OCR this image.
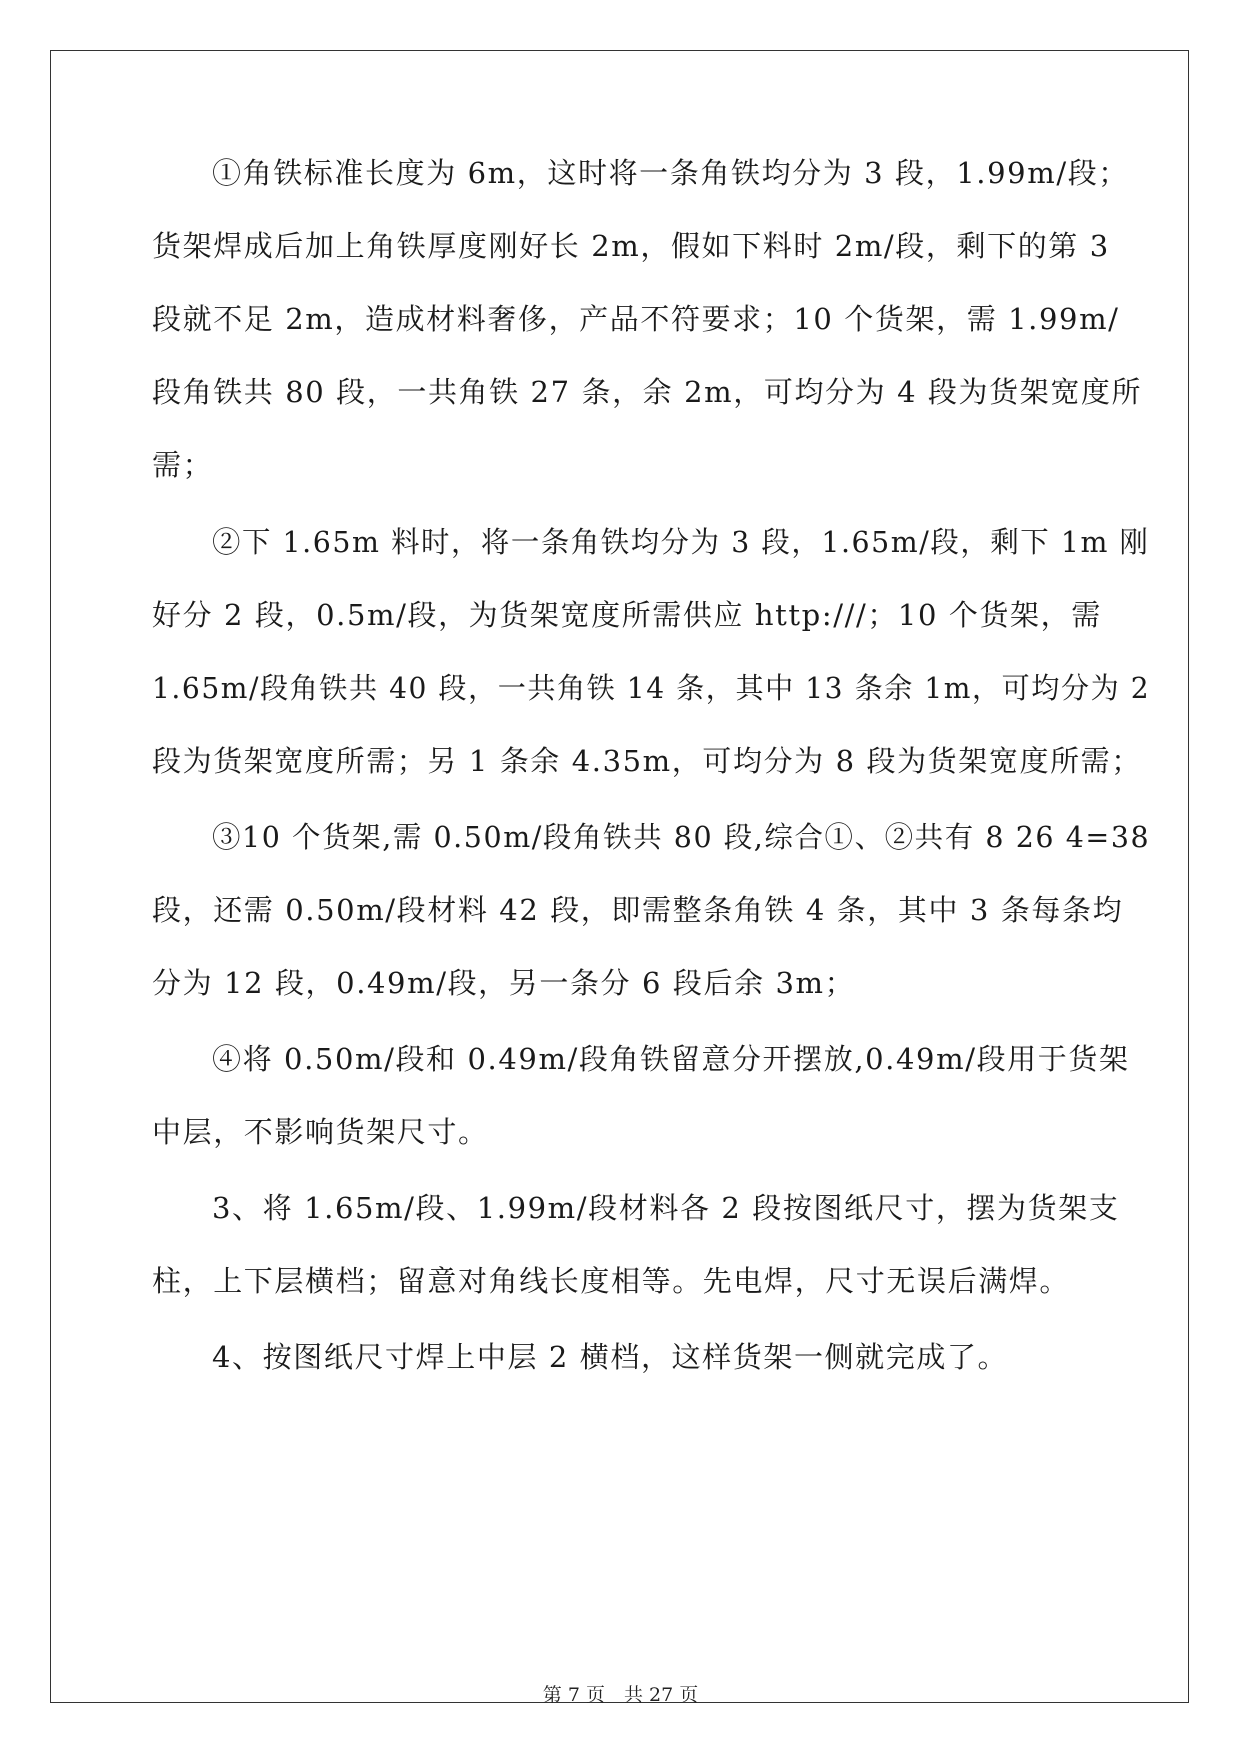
①角铁标准长度为 6m，这时将一条角铁均分为 3 段，1.99m/段；
货架焊成后加上角铁厚度刚好长 2m，假如下料时 2m/段，剩下的第 3
段就不足 2m，造成材料奢侈，产品不符要求；10 个货架，需 1.99m/
段角铁共 80 段，一共角铁 27 条，余 2m，可均分为 4 段为货架宽度所
需；
②下 1.65m 料时，将一条角铁均分为 3 段，1.65m/段，剩下 1m 刚
好分 2 段，0.5m/段，为货架宽度所需供应 http:///；10 个货架，需
1.65m/段角铁共 40 段，一共角铁 14 条，其中 13 条余 1m，可均分为 2
段为货架宽度所需；另 1 条余 4.35m，可均分为 8 段为货架宽度所需；
③10 个货架,需 0.50m/段角铁共 80 段,综合①、②共有 8 26 4=38
段，还需 0.50m/段材料 42 段，即需整条角铁 4 条，其中 3 条每条均
分为 12 段，0.49m/段，另一条分 6 段后余 3m；
④将 0.50m/段和 0.49m/段角铁留意分开摆放,0.49m/段用于货架
中层，不影响货架尺寸。
3、将 1.65m/段、1.99m/段材料各 2 段按图纸尺寸，摆为货架支
柱，上下层横档；留意对角线长度相等。先电焊，尺寸无误后满焊。
4、按图纸尺寸焊上中层 2 横档，这样货架一侧就完成了。
第 7 页　共 27 页
